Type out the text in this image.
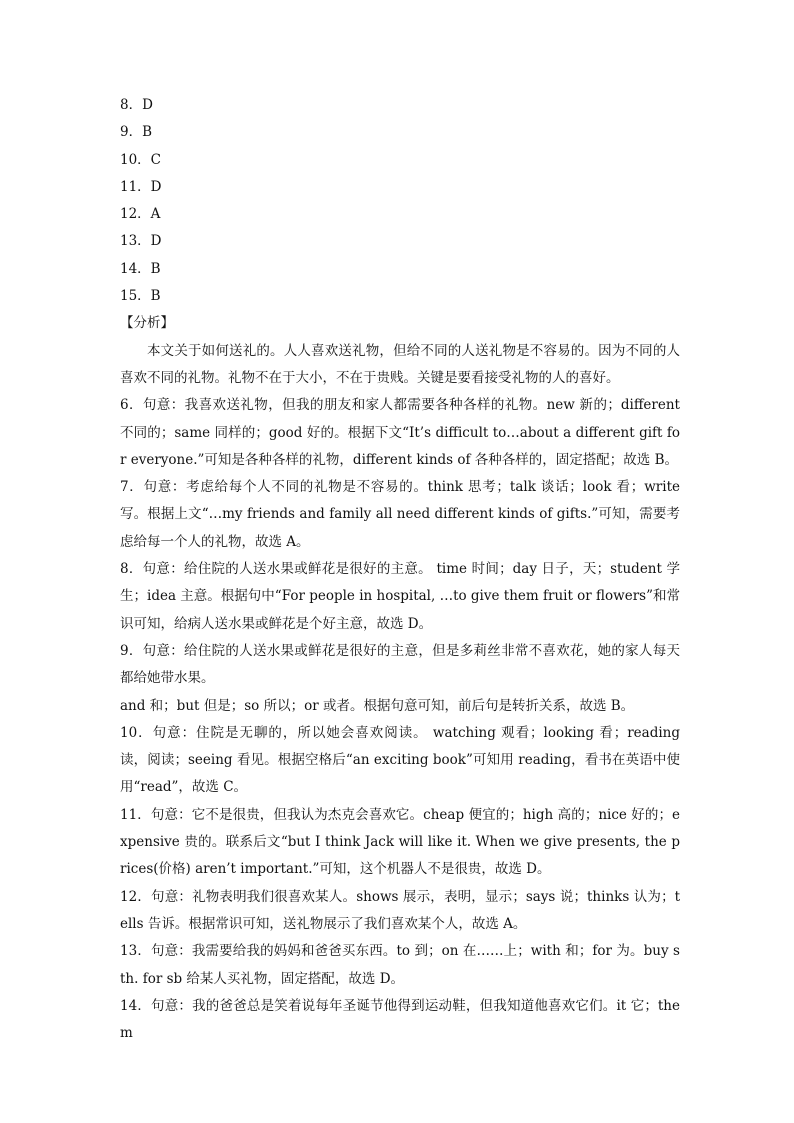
8．D
9．B
10．C
11．D
12．A
13．D
14．B
15．B
【分析】

本文关于如何送礼的。人人喜欢送礼物，但给不同的人送礼物是不容易的。因为不同的人喜欢不同的礼物。礼物不在于大小，不在于贵贱。关键是要看接受礼物的人的喜好。

6．句意：我喜欢送礼物，但我的朋友和家人都需要各种各样的礼物。new 新的；different 不同的；same 同样的；good 好的。根据下文“It’s difficult to…about a different gift for everyone.”可知是各种各样的礼物，different kinds of 各种各样的，固定搭配；故选 B。

7．句意：考虑给每个人不同的礼物是不容易的。think 思考；talk 谈话；look 看；write 写。根据上文“…my friends and family all need different kinds of gifts.”可知，需要考虑给每一个人的礼物，故选 A。

8．句意：给住院的人送水果或鲜花是很好的主意。 time 时间；day 日子，天；student 学生；idea 主意。根据句中“For people in hospital, …to give them fruit or flowers”和常识可知，给病人送水果或鲜花是个好主意，故选 D。

9．句意：给住院的人送水果或鲜花是很好的主意，但是多莉丝非常不喜欢花，她的家人每天都给她带水果。

and 和；but 但是；so 所以；or 或者。根据句意可知，前后句是转折关系，故选 B。

10．句意：住院是无聊的，所以她会喜欢阅读。 watching 观看；looking 看；reading 读，阅读；seeing 看见。根据空格后“an exciting book”可知用 reading，看书在英语中使用“read”，故选 C。

11．句意：它不是很贵，但我认为杰克会喜欢它。cheap 便宜的；high 高的；nice 好的；expensive 贵的。联系后文“but I think Jack will like it. When we give presents, the prices(价格) aren’t important.”可知，这个机器人不是很贵，故选 D。

12．句意：礼物表明我们很喜欢某人。shows 展示，表明，显示；says 说；thinks 认为；tells 告诉。根据常识可知，送礼物展示了我们喜欢某个人，故选 A。

13．句意：我需要给我的妈妈和爸爸买东西。to 到；on 在……上；with 和；for 为。buy sth. for sb 给某人买礼物，固定搭配，故选 D。

14．句意：我的爸爸总是笑着说每年圣诞节他得到运动鞋，但我知道他喜欢它们。it 它；them
